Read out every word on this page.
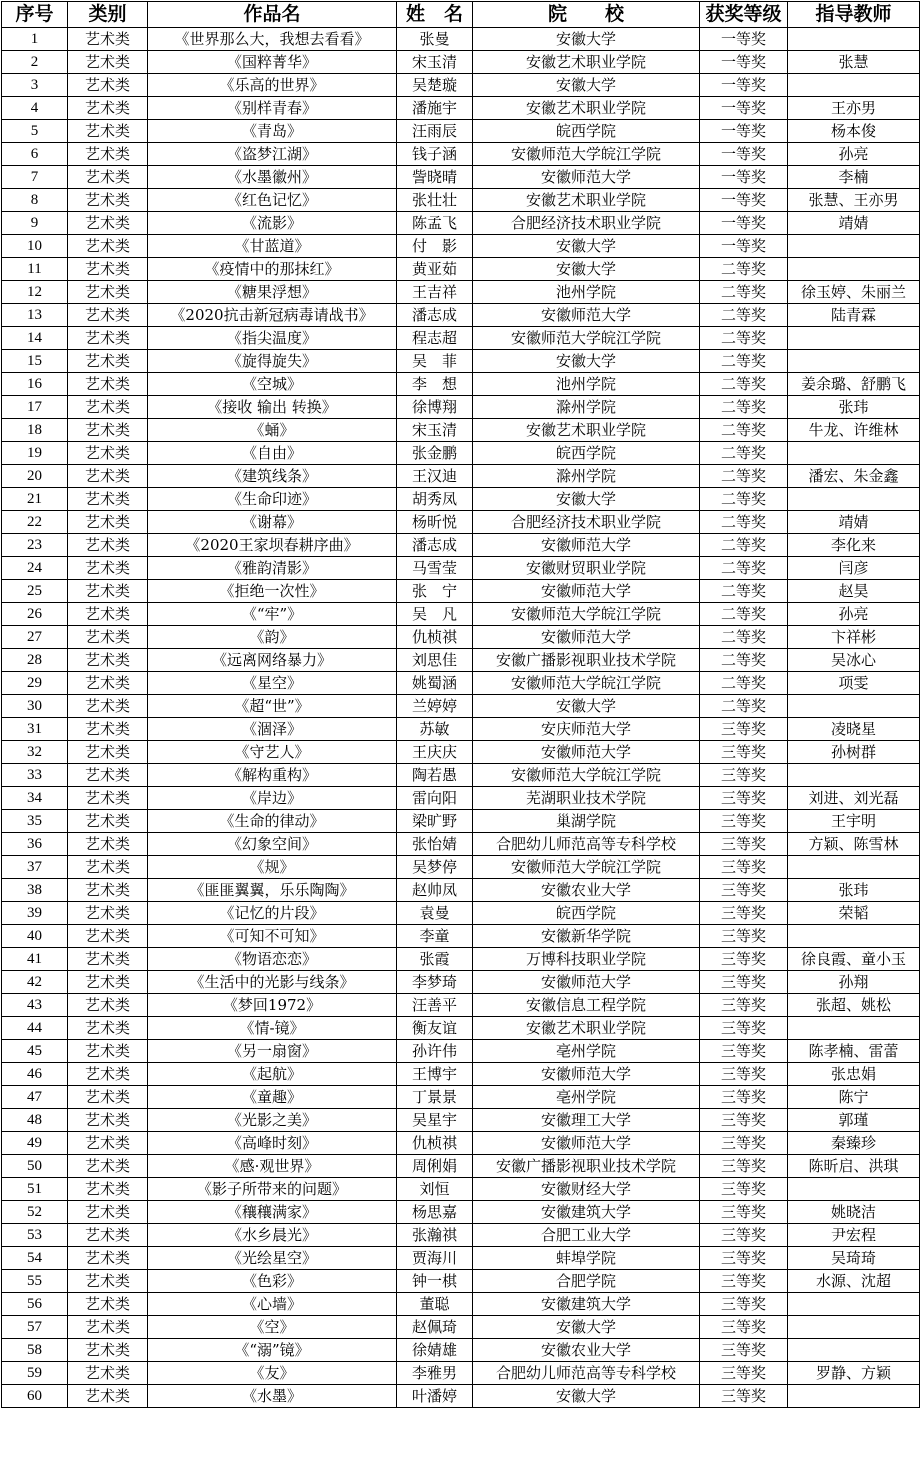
序号	类别	作品名	姓　名	院　　校	获奖等级	指导教师
1	艺术类	《世界那么大，我想去看看》	张曼	安徽大学	一等奖	
2	艺术类	《国粹菁华》	宋玉清	安徽艺术职业学院	一等奖	张慧
3	艺术类	《乐高的世界》	吴楚璇	安徽大学	一等奖	
4	艺术类	《别样青春》	潘施宇	安徽艺术职业学院	一等奖	王亦男
5	艺术类	《青岛》	汪雨辰	皖西学院	一等奖	杨本俊
6	艺术类	《盗梦江湖》	钱子涵	安徽师范大学皖江学院	一等奖	孙亮
7	艺术类	《水墨徽州》	訾晓晴	安徽师范大学	一等奖	李楠
8	艺术类	《红色记忆》	张壮壮	安徽艺术职业学院	一等奖	张慧、王亦男
9	艺术类	《流影》	陈孟飞	合肥经济技术职业学院	一等奖	靖婧
10	艺术类	《甘蓝道》	付　影	安徽大学	一等奖	
11	艺术类	《疫情中的那抹红》	黄亚茹	安徽大学	二等奖	
12	艺术类	《糖果浮想》	王吉祥	池州学院	二等奖	徐玉婷、朱丽兰
13	艺术类	《2020抗击新冠病毒请战书》	潘志成	安徽师范大学	二等奖	陆青霖
14	艺术类	《指尖温度》	程志超	安徽师范大学皖江学院	二等奖	
15	艺术类	《旋得旋失》	吴　菲	安徽大学	二等奖	
16	艺术类	《空城》	李　想	池州学院	二等奖	姜余璐、舒鹏飞
17	艺术类	《接收 输出 转换》	徐博翔	滁州学院	二等奖	张玮
18	艺术类	《蛹》	宋玉清	安徽艺术职业学院	二等奖	牛龙、许维林
19	艺术类	《自由》	张金鹏	皖西学院	二等奖	
20	艺术类	《建筑线条》	王汉迪	滁州学院	二等奖	潘宏、朱金鑫
21	艺术类	《生命印迹》	胡秀凤	安徽大学	二等奖	
22	艺术类	《谢幕》	杨昕悦	合肥经济技术职业学院	二等奖	靖婧
23	艺术类	《2020王家坝春耕序曲》	潘志成	安徽师范大学	二等奖	李化来
24	艺术类	《雅韵清影》	马雪莹	安徽财贸职业学院	二等奖	闫彦
25	艺术类	《拒绝一次性》	张　宁	安徽师范大学	二等奖	赵昊
26	艺术类	《“牢”》	吴　凡	安徽师范大学皖江学院	二等奖	孙亮
27	艺术类	《韵》	仇桢祺	安徽师范大学	二等奖	卞祥彬
28	艺术类	《远离网络暴力》	刘思佳	安徽广播影视职业技术学院	二等奖	吴冰心
29	艺术类	《星空》	姚蜀涵	安徽师范大学皖江学院	二等奖	项雯
30	艺术类	《超“世”》	兰婷婷	安徽大学	二等奖	
31	艺术类	《涸泽》	苏敏	安庆师范大学	三等奖	凌晓星
32	艺术类	《守艺人》	王庆庆	安徽师范大学	三等奖	孙树群
33	艺术类	《解构重构》	陶若愚	安徽师范大学皖江学院	三等奖	
34	艺术类	《岸边》	雷向阳	芜湖职业技术学院	三等奖	刘进、刘光磊
35	艺术类	《生命的律动》	梁旷野	巢湖学院	三等奖	王宇明
36	艺术类	《幻象空间》	张怡婧	合肥幼儿师范高等专科学校	三等奖	方颖、陈雪林
37	艺术类	《规》	吴梦停	安徽师范大学皖江学院	三等奖	
38	艺术类	《匪匪翼翼，乐乐陶陶》	赵帅凤	安徽农业大学	三等奖	张玮
39	艺术类	《记忆的片段》	袁曼	皖西学院	三等奖	荣韬
40	艺术类	《可知不可知》	李童	安徽新华学院	三等奖	
41	艺术类	《物语恋恋》	张霞	万博科技职业学院	三等奖	徐良霞、童小玉
42	艺术类	《生活中的光影与线条》	李梦琦	安徽师范大学	三等奖	孙翔
43	艺术类	《梦回1972》	汪善平	安徽信息工程学院	三等奖	张超、姚松
44	艺术类	《情-镜》	衡友谊	安徽艺术职业学院	三等奖	
45	艺术类	《另一扇窗》	孙许伟	亳州学院	三等奖	陈孝楠、雷蕾
46	艺术类	《起航》	王博宇	安徽师范大学	三等奖	张忠娟
47	艺术类	《童趣》	丁景景	亳州学院	三等奖	陈宁
48	艺术类	《光影之美》	吴星宇	安徽理工大学	三等奖	郭瑾
49	艺术类	《高峰时刻》	仇桢祺	安徽师范大学	三等奖	秦臻珍
50	艺术类	《感·观世界》	周俐娟	安徽广播影视职业技术学院	三等奖	陈昕启、洪琪
51	艺术类	《影子所带来的问题》	刘恒	安徽财经大学	三等奖	
52	艺术类	《穰穰满家》	杨思嘉	安徽建筑大学	三等奖	姚晓洁
53	艺术类	《水乡晨光》	张瀚祺	合肥工业大学	三等奖	尹宏程
54	艺术类	《光绘星空》	贾海川	蚌埠学院	三等奖	吴琦琦
55	艺术类	《色彩》	钟一棋	合肥学院	三等奖	水源、沈超
56	艺术类	《心墙》	董聪	安徽建筑大学	三等奖	
57	艺术类	《空》	赵佩琦	安徽大学	三等奖	
58	艺术类	《“溺”镜》	徐婧雄	安徽农业大学	三等奖	
59	艺术类	《友》	李雅男	合肥幼儿师范高等专科学校	三等奖	罗静、方颖
60	艺术类	《水墨》	叶潘婷	安徽大学	三等奖	
